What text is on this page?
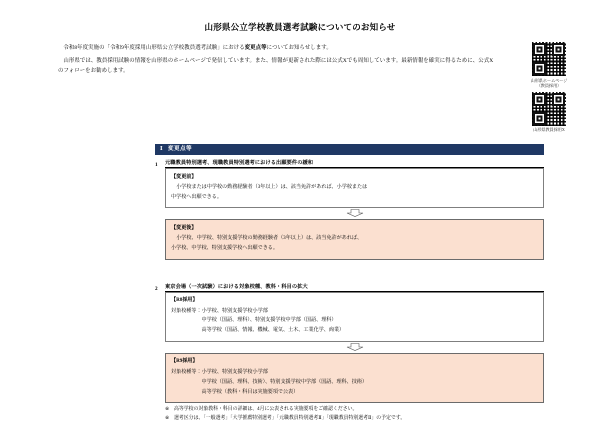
山形県公立学校教員選考試験についてのお知らせ

令和8年度実施の「令和9年度採用山形県公立学校教員選考試験」における変更点等についてお知らせします。

山形県では、教員採用試験の情報を山形県のホームページで発信しています。また、情報が更新された際には公式Xでも周知しています。最新情報を確実に得るために、公式Xのフォローをお勧めします。

山形県ホームページ
（教員採用）
山形県教員採用X
Ⅰ 変更点等
1	元職教員特別選考、現職教員特別選考における出願要件の緩和
【変更前】
小学校または中学校の勤務経験者（3年以上）は、該当免許があれば、小学校または
中学校へ出願できる。
【変更後】
小学校、中学校、特別支援学校の勤務経験者（3年以上）は、該当免許があれば、
小学校、中学校、特別支援学校へ出願できる。
2	東京会場（一次試験）における対象校種、教科・科目の拡大
【R8採用】
対象校種等： 小学校、特別支援学校小学部
中学校（国語、理科）、特別支援学校中学部（国語、理科）
高等学校（国語、情報、機械、電気、土木、工業化学、商業）
【R9採用】
対象校種等： 小学校、特別支援学校小学部
中学校（国語、理科、技術）、特別支援学校中学部（国語、理科、技術）
高等学校（教科・科目は実施要項で公表）
※ 高等学校の対象教科・科目の詳細は、4月に公表される実施要項をご確認ください。
※ 選考区分は、「一般選考」「大学推薦特別選考」「元職教員特別選考Ⅱ」「現職教員特別選考Ⅱ」の予定です。
